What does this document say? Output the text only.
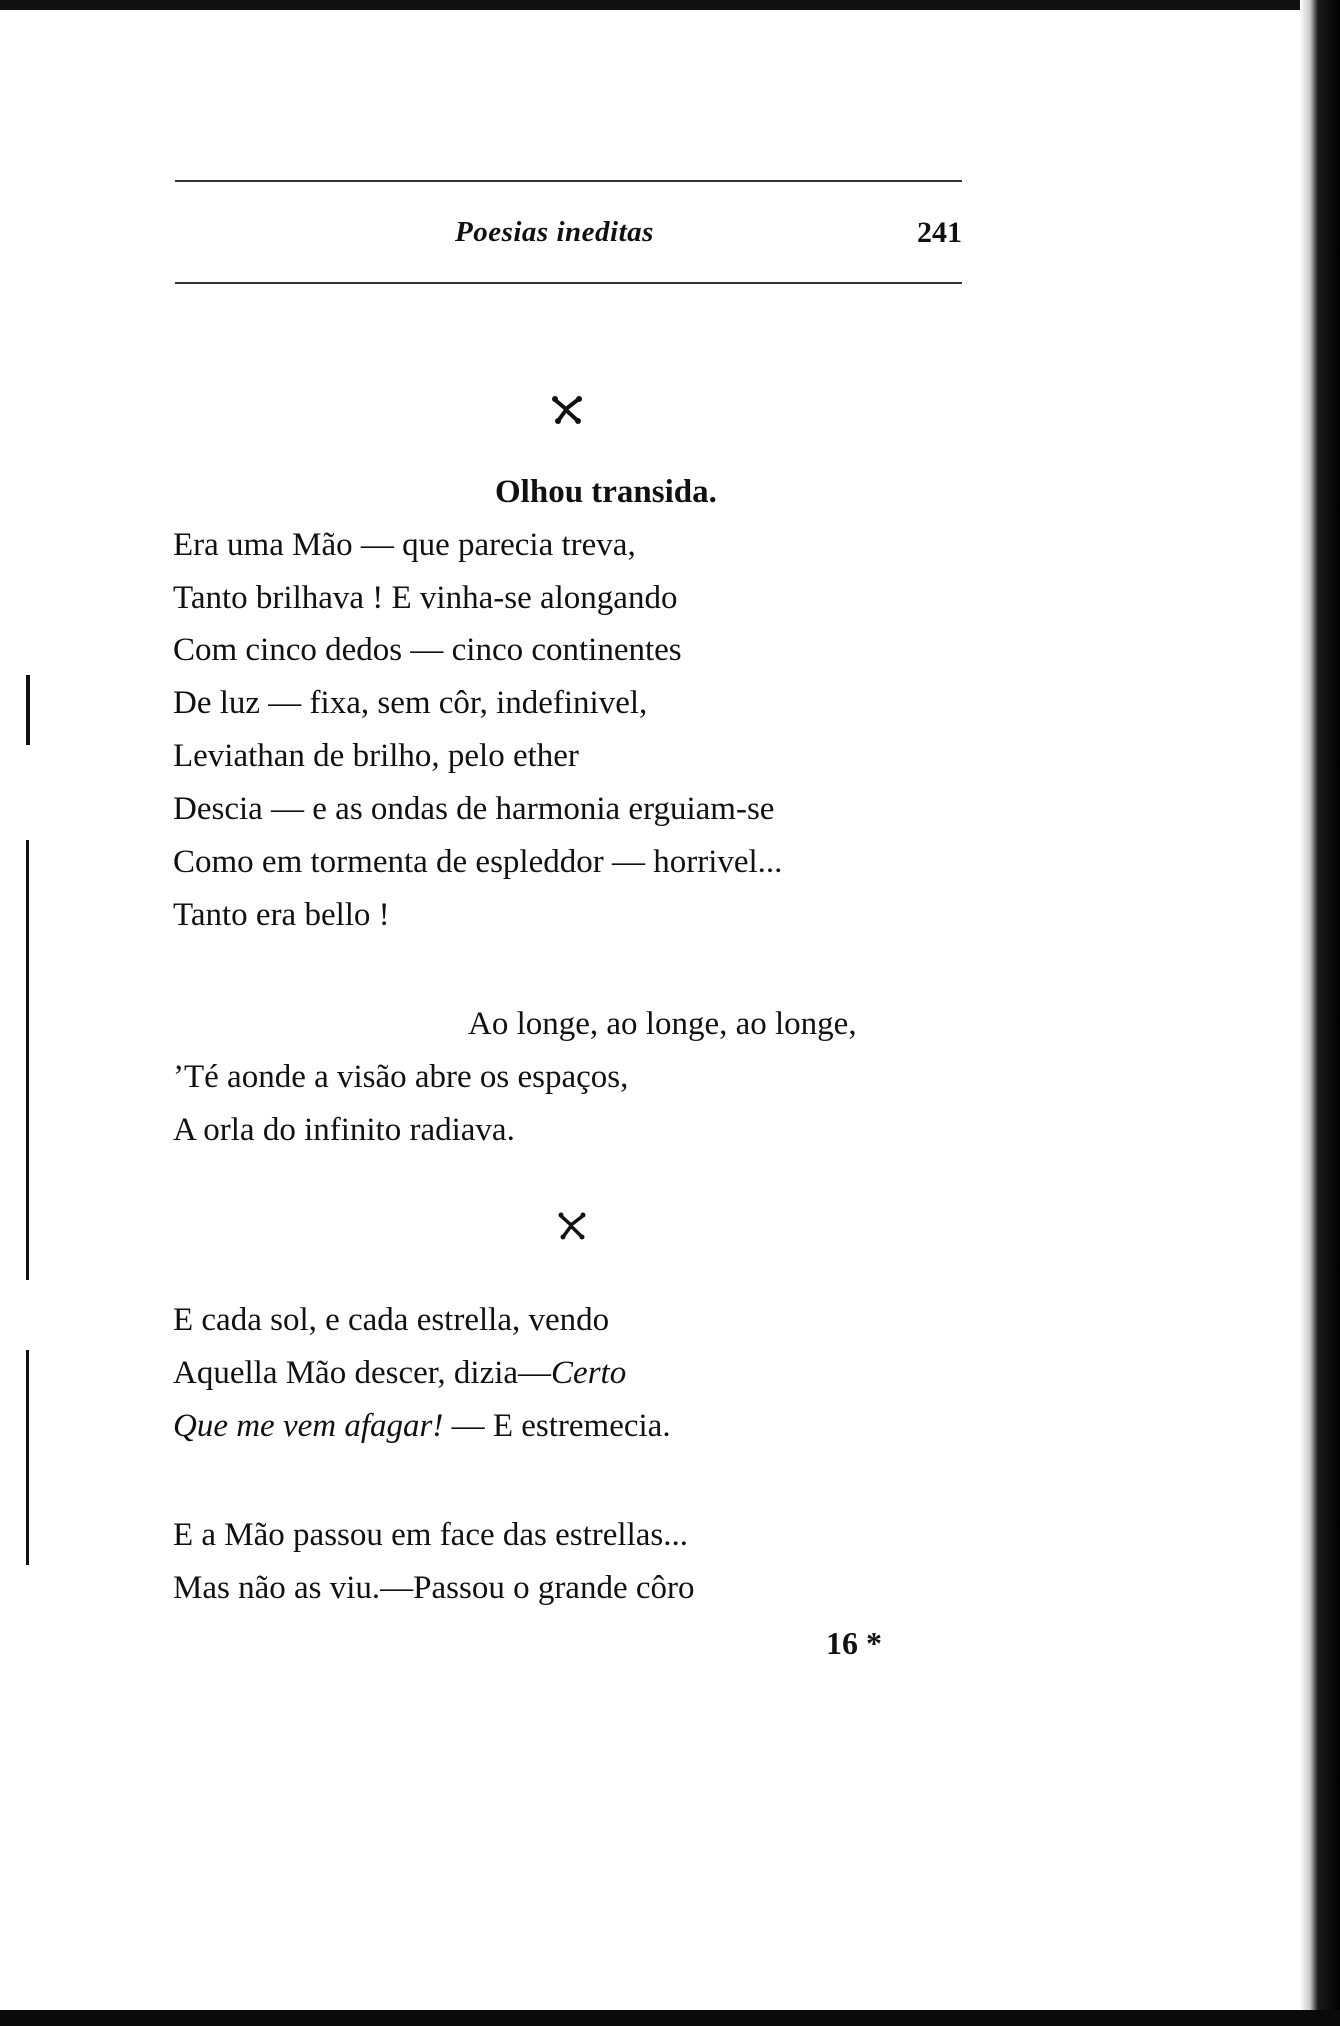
Poesias ineditas	241
Olhou transida.
Era uma Mão — que parecia treva,
Tanto brilhava ! E vinha-se alongando
Com cinco dedos — cinco continentes
De luz — fixa, sem côr, indefinivel,
Leviathan de brilho, pelo ether
Descia — e as ondas de harmonia erguiam-se
Como em tormenta de espleddor — horrivel...
Tanto era bello !
Ao longe, ao longe, ao longe,
’Té aonde a visão abre os espaços,
A orla do infinito radiava.
E cada sol, e cada estrella, vendo
Aquella Mão descer, dizia—Certo
Que me vem afagar! — E estremecia.
E a Mão passou em face das estrellas...
Mas não as viu.—Passou o grande côro
16 *
